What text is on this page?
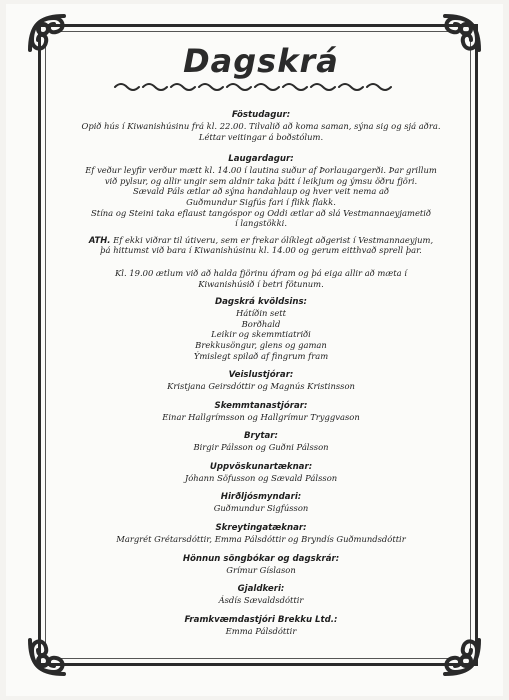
Dagskrá

Föstudagur:

Opið hús í Kiwanishúsinu frá kl. 22.00. Tilvalið að koma saman, sýna sig og sjá aðra.

Léttar veitingar á boðstólum.

Laugardagur:

Ef veður leyfir verður mætt kl. 14.00 í lautina suður af Þorlaugargerði. Þar grillum

við pylsur, og allir ungir sem aldnir taka þátt í leikjum og ýmsu öðru fjöri.

Sævald Páls ætlar að sýna handahlaup og hver veit nema að

Guðmundur Sigfús fari í flikk flakk.

Stína og Steini taka eflaust tangóspor og Oddi ætlar að slá Vestmannaeyjametið

í langstökki.

ATH. Ef ekki viðrar til útiveru, sem er frekar ólíklegt aðgerist í Vestmannaeyjum,

þá hittumst við bara í Kiwanishúsinu kl. 14.00 og gerum eitthvað sprell þar.

Kl. 19.00 ætlum við að halda fjörinu áfram og þá eiga allir að mæta í

Kiwanishúsið í betri fötunum.

Dagskrá kvöldsins:

Hátíðin sett

Borðhald

Leikir og skemmtiatriði

Brekkusöngur, glens og gaman

Ýmislegt spilað af fingrum fram

Veislustjórar:

Kristjana Geirsdóttir og Magnús Kristinsson

Skemmtanastjórar:

Einar Hallgrímsson og Hallgrímur Tryggvason

Brytar:

Birgir Pálsson og Guðni Pálsson

Uppvöskunartæknar:

Jóhann Söfusson og Sævald Pálsson

Hirðljósmyndari:

Guðmundur Sigfússon

Skreytingatæknar:

Margrét Grétarsdóttir, Emma Pálsdóttir og Bryndís Guðmundsdóttir

Hönnun söngbókar og dagskrár:

Grímur Gíslason

Gjaldkeri:

Ásdís Sævaldsdóttir

Framkvæmdastjóri Brekku Ltd.:

Emma Pálsdóttir
